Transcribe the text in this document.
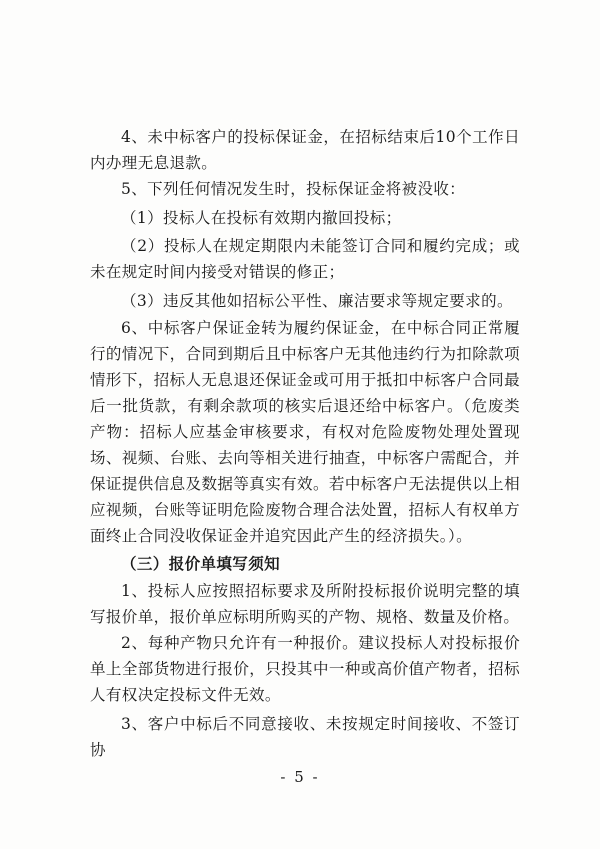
4、未中标客户的投标保证金，在招标结束后10个工作日内办理无息退款。

5、下列任何情况发生时，投标保证金将被没收：

（1）投标人在投标有效期内撤回投标；

（2）投标人在规定期限内未能签订合同和履约完成；或未在规定时间内接受对错误的修正；

（3）违反其他如招标公平性、廉洁要求等规定要求的。

6、中标客户保证金转为履约保证金，在中标合同正常履行的情况下，合同到期后且中标客户无其他违约行为扣除款项情形下，招标人无息退还保证金或可用于抵扣中标客户合同最后一批货款，有剩余款项的核实后退还给中标客户。（危废类产物：招标人应基金审核要求，有权对危险废物处理处置现场、视频、台账、去向等相关进行抽查，中标客户需配合，并保证提供信息及数据等真实有效。若中标客户无法提供以上相应视频，台账等证明危险废物合理合法处置，招标人有权单方面终止合同没收保证金并追究因此产生的经济损失。）。

（三）报价单填写须知

1、投标人应按照招标要求及所附投标报价说明完整的填写报价单，报价单应标明所购买的产物、规格、数量及价格。

2、每种产物只允许有一种报价。建议投标人对投标报价单上全部货物进行报价，只投其中一种或高价值产物者，招标人有权决定投标文件无效。

3、客户中标后不同意接收、未按规定时间接收、不签订协

- 5 -
